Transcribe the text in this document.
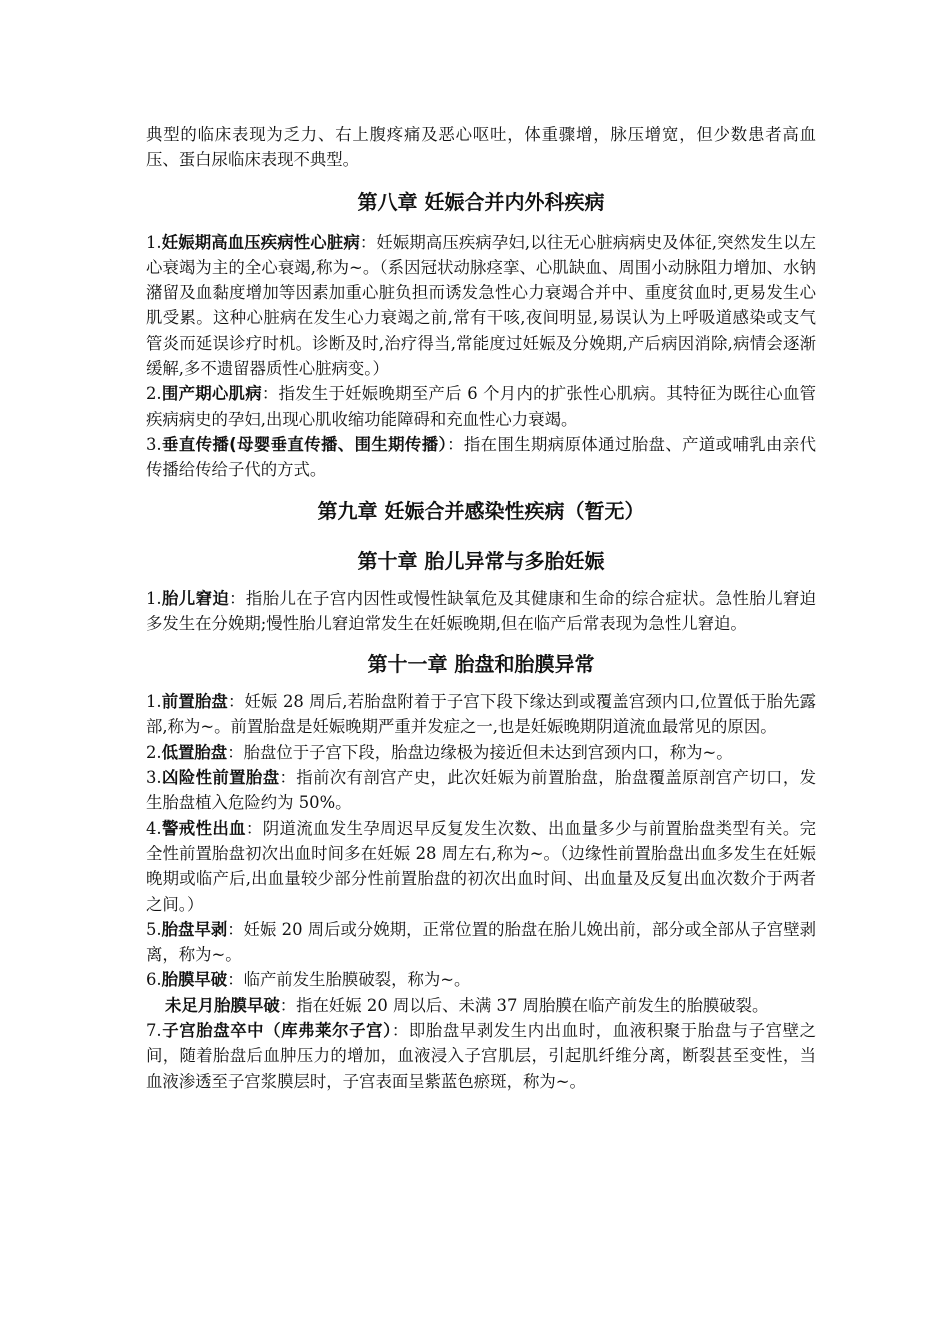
典型的临床表现为乏力、右上腹疼痛及恶心呕吐，体重骤增，脉压增宽，但少数患者高血压、蛋白尿临床表现不典型。

第八章 妊娠合并内外科疾病

1.妊娠期高血压疾病性心脏病：妊娠期高压疾病孕妇,以往无心脏病病史及体征,突然发生以左心衰竭为主的全心衰竭,称为~。（系因冠状动脉痉挛、心肌缺血、周围小动脉阻力增加、水钠潴留及血黏度增加等因素加重心脏负担而诱发急性心力衰竭合并中、重度贫血时,更易发生心肌受累。这种心脏病在发生心力衰竭之前,常有干咳,夜间明显,易误认为上呼吸道感染或支气管炎而延误诊疗时机。诊断及时,治疗得当,常能度过妊娠及分娩期,产后病因消除,病情会逐渐缓解,多不遗留器质性心脏病变。）

2.围产期心肌病：指发生于妊娠晚期至产后 6 个月内的扩张性心肌病。其特征为既往心血管疾病病史的孕妇,出现心肌收缩功能障碍和充血性心力衰竭。

3.垂直传播(母婴垂直传播、围生期传播）：指在围生期病原体通过胎盘、产道或哺乳由亲代传播给传给子代的方式。

第九章 妊娠合并感染性疾病（暂无）
第十章 胎儿异常与多胎妊娠

1.胎儿窘迫：指胎儿在子宫内因性或慢性缺氧危及其健康和生命的综合症状。急性胎儿窘迫多发生在分娩期;慢性胎儿窘迫常发生在妊娠晚期,但在临产后常表现为急性儿窘迫。

第十一章 胎盘和胎膜异常

1.前置胎盘：妊娠 28 周后,若胎盘附着于子宫下段下缘达到或覆盖宫颈内口,位置低于胎先露部,称为~。前置胎盘是妊娠晚期严重并发症之一,也是妊娠晚期阴道流血最常见的原因。

2.低置胎盘：胎盘位于子宫下段，胎盘边缘极为接近但未达到宫颈内口，称为~。

3.凶险性前置胎盘：指前次有剖宫产史，此次妊娠为前置胎盘，胎盘覆盖原剖宫产切口，发生胎盘植入危险约为 50%。

4.警戒性出血：阴道流血发生孕周迟早反复发生次数、出血量多少与前置胎盘类型有关。完全性前置胎盘初次出血时间多在妊娠 28 周左右,称为~。（边缘性前置胎盘出血多发生在妊娠晚期或临产后,出血量较少部分性前置胎盘的初次出血时间、出血量及反复出血次数介于两者之间。）

5.胎盘早剥：妊娠 20 周后或分娩期，正常位置的胎盘在胎儿娩出前，部分或全部从子宫壁剥离，称为~。

6.胎膜早破：临产前发生胎膜破裂，称为~。

未足月胎膜早破：指在妊娠 20 周以后、未满 37 周胎膜在临产前发生的胎膜破裂。

7.子宫胎盘卒中（库弗莱尔子宫）：即胎盘早剥发生内出血时，血液积聚于胎盘与子宫壁之间，随着胎盘后血肿压力的增加，血液浸入子宫肌层，引起肌纤维分离，断裂甚至变性，当血液渗透至子宫浆膜层时，子宫表面呈紫蓝色瘀斑，称为~。
